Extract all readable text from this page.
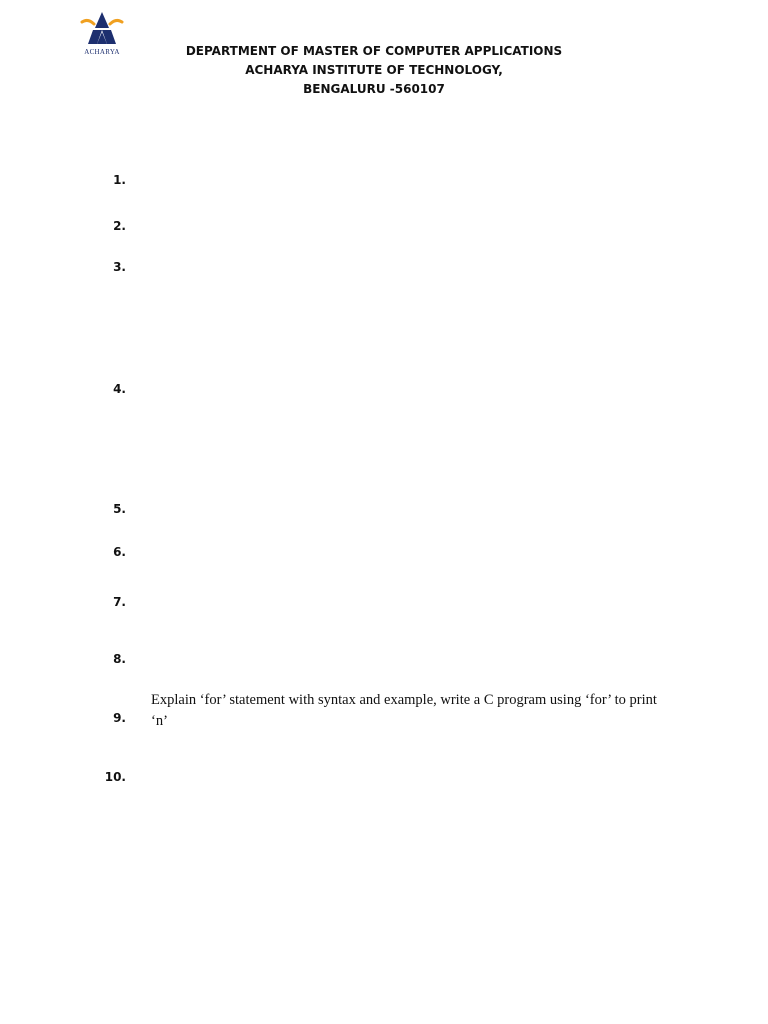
ACHARYA	DEPARTMENT OF MASTER OF COMPUTER APPLICATIONS
ACHARYA INSTITUTE OF TECHNOLOGY,
BENGALURU -560107
1.
2.
3.
4.
5.
6.
7.
8.
9.
Explain ‘for’ statement with syntax and example, write a C program using ‘for’ to print ‘n’
10.
